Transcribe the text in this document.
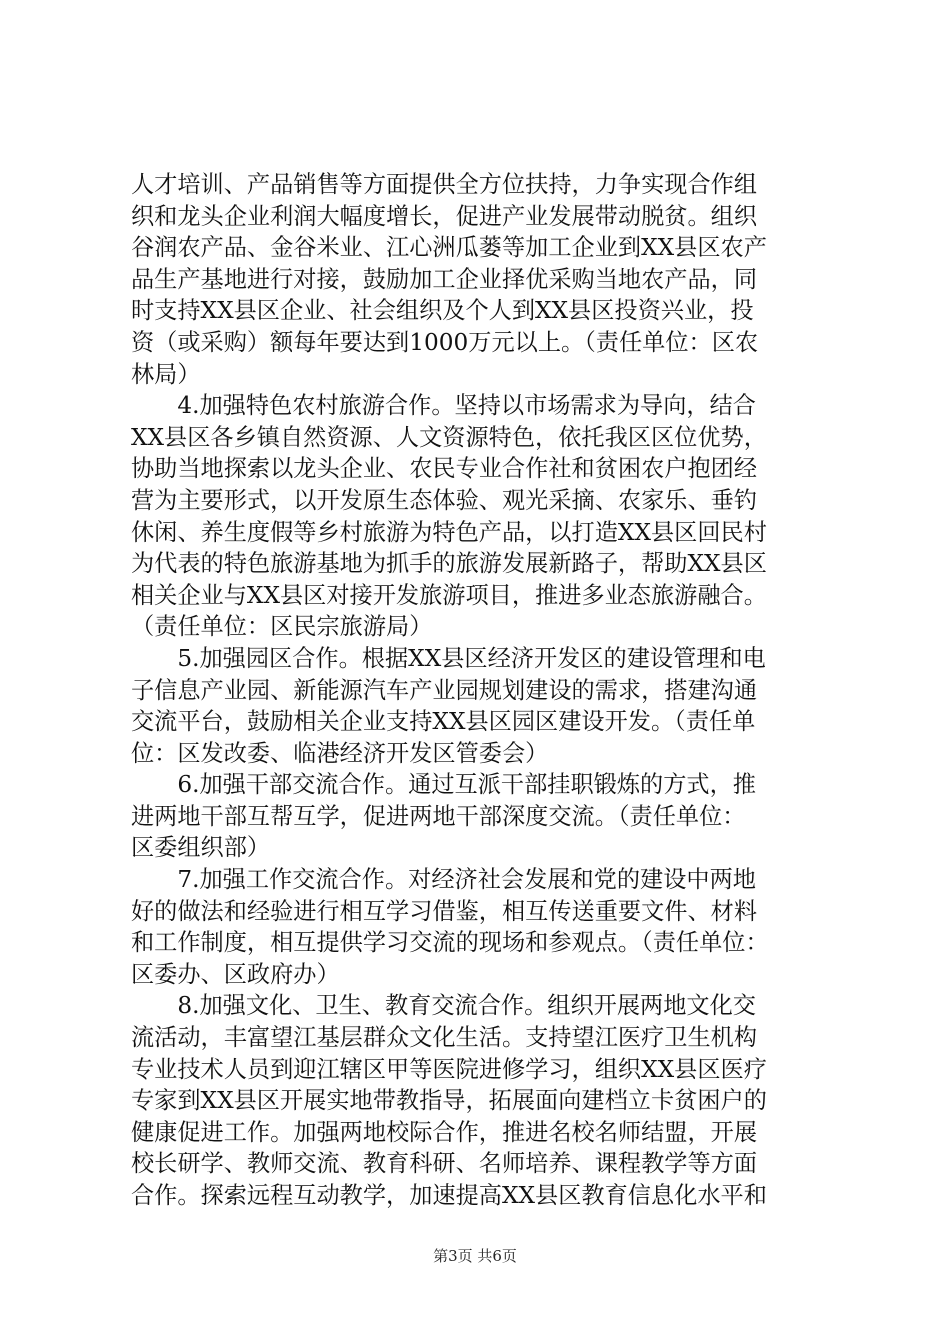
人才培训、产品销售等方面提供全方位扶持，力争实现合作组
织和龙头企业利润大幅度增长，促进产业发展带动脱贫。组织
谷润农产品、金谷米业、江心洲瓜蒌等加工企业到XX县区农产
品生产基地进行对接，鼓励加工企业择优采购当地农产品，同
时支持XX县区企业、社会组织及个人到XX县区投资兴业，投
资（或采购）额每年要达到1000万元以上。（责任单位：区农
林局）
　　4.加强特色农村旅游合作。坚持以市场需求为导向，结合
XX县区各乡镇自然资源、人文资源特色，依托我区区位优势，
协助当地探索以龙头企业、农民专业合作社和贫困农户抱团经
营为主要形式，以开发原生态体验、观光采摘、农家乐、垂钓
休闲、养生度假等乡村旅游为特色产品，以打造XX县区回民村
为代表的特色旅游基地为抓手的旅游发展新路子，帮助XX县区
相关企业与XX县区对接开发旅游项目，推进多业态旅游融合。
（责任单位：区民宗旅游局）
　　5.加强园区合作。根据XX县区经济开发区的建设管理和电
子信息产业园、新能源汽车产业园规划建设的需求，搭建沟通
交流平台，鼓励相关企业支持XX县区园区建设开发。（责任单
位：区发改委、临港经济开发区管委会）
　　6.加强干部交流合作。通过互派干部挂职锻炼的方式，推
进两地干部互帮互学，促进两地干部深度交流。（责任单位：
区委组织部）
　　7.加强工作交流合作。对经济社会发展和党的建设中两地
好的做法和经验进行相互学习借鉴，相互传送重要文件、材料
和工作制度，相互提供学习交流的现场和参观点。（责任单位：
区委办、区政府办）
　　8.加强文化、卫生、教育交流合作。组织开展两地文化交
流活动，丰富望江基层群众文化生活。支持望江医疗卫生机构
专业技术人员到迎江辖区甲等医院进修学习，组织XX县区医疗
专家到XX县区开展实地带教指导，拓展面向建档立卡贫困户的
健康促进工作。加强两地校际合作，推进名校名师结盟，开展
校长研学、教师交流、教育科研、名师培养、课程教学等方面
合作。探索远程互动教学，加速提高XX县区教育信息化水平和
第3页 共6页
